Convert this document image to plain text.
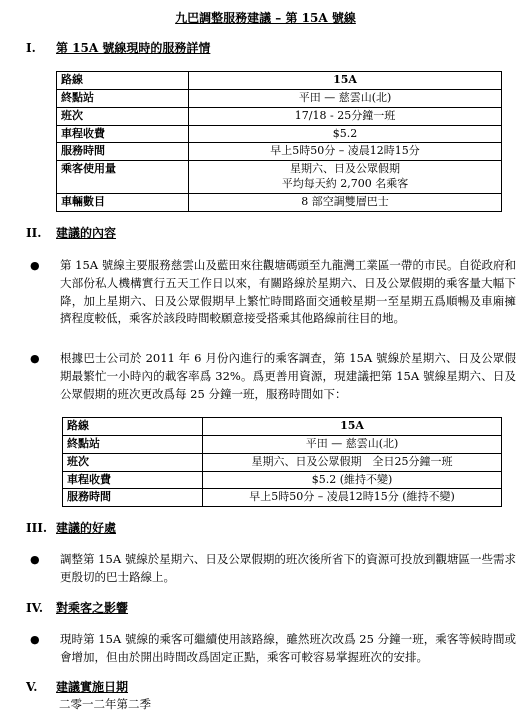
九巴調整服務建議 – 第 15A 號線
I.	第 15A 號線現時的服務詳情
路線	15A
終點站	平田 — 慈雲山(北)

班次	17/18 - 25分鐘一班

車程收費	$5.2

服務時間	早上5時50分 – 凌晨12時15分

乘客使用量	星期六、日及公眾假期
平均每天約 2,700 名乘客

車輛數目	8 部空調雙層巴士
II.	建議的內容
●	第 15A 號線主要服務慈雲山及藍田來往觀塘碼頭至九龍灣工業區一帶的市民。自從政府和大部份私人機構實行五天工作日以來，有關路線於星期六、日及公眾假期的乘客量大幅下降，加上星期六、日及公眾假期早上繁忙時間路面交通較星期一至星期五爲順暢及車廂擁擠程度較低，乘客於該段時間較願意接受搭乘其他路線前往目的地。
●	根據巴士公司於 2011 年 6 月份內進行的乘客調查，第 15A 號線於星期六、日及公眾假期最繁忙一小時內的載客率爲 32%。爲更善用資源，現建議把第 15A 號線星期六、日及公眾假期的班次更改爲每 25 分鐘一班，服務時間如下：
路線	15A
終點站	平田 — 慈雲山(北)

班次	星期六、日及公眾假期　全日25分鐘一班

車程收費	$5.2 (維持不變)

服務時間	早上5時50分 – 凌晨12時15分 (維持不變)
III. 建議的好處
●	調整第 15A 號線於星期六、日及公眾假期的班次後所省下的資源可投放到觀塘區一些需求更殷切的巴士路線上。
IV.	對乘客之影響
●	現時第 15A 號線的乘客可繼續使用該路線，雖然班次改爲 25 分鐘一班，乘客等候時間或會增加，但由於開出時間改爲固定正點，乘客可較容易掌握班次的安排。
V.	建議實施日期
二零一二年第二季
